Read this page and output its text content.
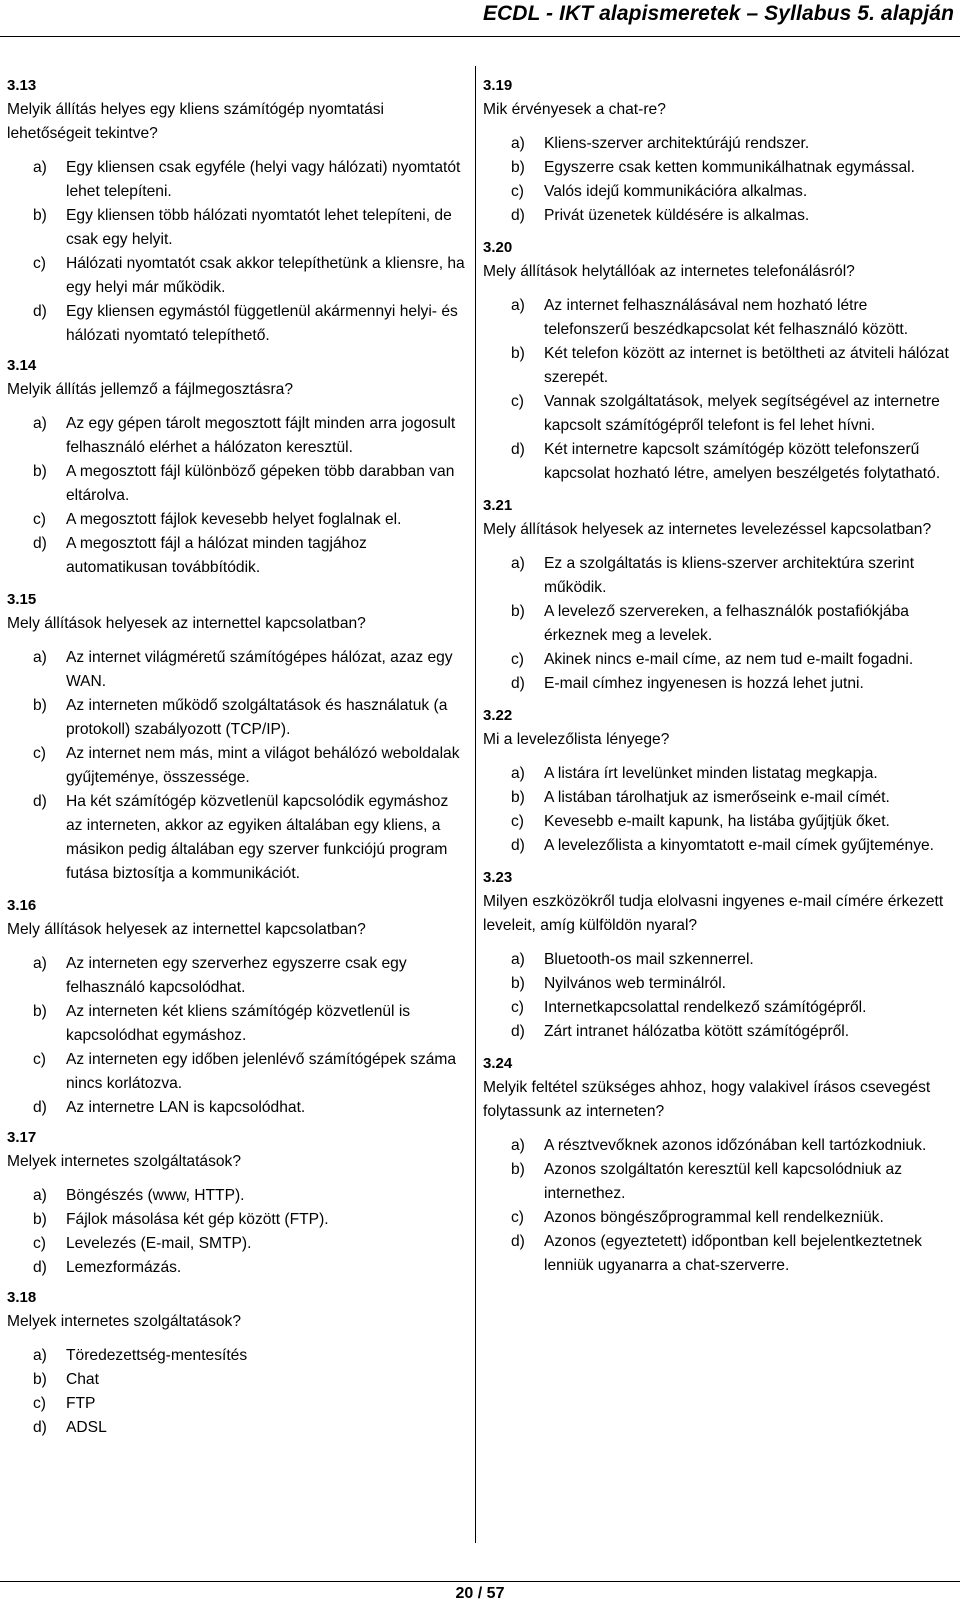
ECDL - IKT alapismeretek – Syllabus 5. alapján
3.13
Melyik állítás helyes egy kliens számítógép nyomtatási lehetőségeit tekintve?
a)	Egy kliensen csak egyféle (helyi vagy hálózati) nyomtatót lehet telepíteni.
b)	Egy kliensen több hálózati nyomtatót lehet telepíteni, de csak egy helyit.
c)	Hálózati nyomtatót csak akkor telepíthetünk a kliensre, ha egy helyi már működik.
d)	Egy kliensen egymástól függetlenül akármennyi helyi- és hálózati nyomtató telepíthető.
3.14
Melyik állítás jellemző a fájlmegosztásra?
a)	Az egy gépen tárolt megosztott fájlt minden arra jogosult felhasználó elérhet a hálózaton keresztül.
b)	A megosztott fájl különböző gépeken több darabban van eltárolva.
c)	A megosztott fájlok kevesebb helyet foglalnak el.
d)	A megosztott fájl a hálózat minden tagjához automatikusan továbbítódik.
3.15
Mely állítások helyesek az internettel kapcsolatban?
a)	Az internet világméretű számítógépes hálózat, azaz egy WAN.
b)	Az interneten működő szolgáltatások és használatuk (a protokoll) szabályozott (TCP/IP).
c)	Az internet nem más, mint a világot behálózó weboldalak gyűjteménye, összessége.
d)	Ha két számítógép közvetlenül kapcsolódik egymáshoz az interneten, akkor az egyiken általában egy kliens, a másikon pedig általában egy szerver funkciójú program futása biztosítja a kommunikációt.
3.16
Mely állítások helyesek az internettel kapcsolatban?
a)	Az interneten egy szerverhez egyszerre csak egy felhasználó kapcsolódhat.
b)	Az interneten két kliens számítógép közvetlenül is kapcsolódhat egymáshoz.
c)	Az interneten egy időben jelenlévő számítógépek száma nincs korlátozva.
d)	Az internetre LAN is kapcsolódhat.
3.17
Melyek internetes szolgáltatások?
a)	Böngészés (www, HTTP).
b)	Fájlok másolása két gép között (FTP).
c)	Levelezés (E-mail, SMTP).
d)	Lemezformázás.
3.18
Melyek internetes szolgáltatások?
a)	Töredezettség-mentesítés
b)	Chat
c)	FTP
d)	ADSL
3.19
Mik érvényesek a chat-re?
a)	Kliens-szerver architektúrájú rendszer.
b)	Egyszerre csak ketten kommunikálhatnak egymással.
c)	Valós idejű kommunikációra alkalmas.
d)	Privát üzenetek küldésére is alkalmas.
3.20
Mely állítások helytállóak az internetes telefonálásról?
a)	Az internet felhasználásával nem hozható létre telefonszerű beszédkapcsolat két felhasználó között.
b)	Két telefon között az internet is betöltheti az átviteli hálózat szerepét.
c)	Vannak szolgáltatások, melyek segítségével az internetre kapcsolt számítógépről telefont is fel lehet hívni.
d)	Két internetre kapcsolt számítógép között telefonszerű kapcsolat hozható létre, amelyen beszélgetés folytatható.
3.21
Mely állítások helyesek az internetes levelezéssel kapcsolatban?
a)	Ez a szolgáltatás is kliens-szerver architektúra szerint működik.
b)	A levelező szervereken, a felhasználók postafiókjába érkeznek meg a levelek.
c)	Akinek nincs e-mail címe, az nem tud e-mailt fogadni.
d)	E-mail címhez ingyenesen is hozzá lehet jutni.
3.22
Mi a levelezőlista lényege?
a)	A listára írt levelünket minden listatag megkapja.
b)	A listában tárolhatjuk az ismerőseink e-mail címét.
c)	Kevesebb e-mailt kapunk, ha listába gyűjtjük őket.
d)	A levelezőlista a kinyomtatott e-mail címek gyűjteménye.
3.23
Milyen eszközökről tudja elolvasni ingyenes e-mail címére érkezett leveleit, amíg külföldön nyaral?
a)	Bluetooth-os mail szkennerrel.
b)	Nyilvános web terminálról.
c)	Internetkapcsolattal rendelkező számítógépről.
d)	Zárt intranet hálózatba kötött számítógépről.
3.24
Melyik feltétel szükséges ahhoz, hogy valakivel írásos csevegést folytassunk az interneten?
a)	A résztvevőknek azonos időzónában kell tartózkodniuk.
b)	Azonos szolgáltatón keresztül kell kapcsolódniuk az internethez.
c)	Azonos böngészőprogrammal kell rendelkezniük.
d)	Azonos (egyeztetett) időpontban kell bejelentkeztetnek lenniük ugyanarra a chat-szerverre.
20 / 57
